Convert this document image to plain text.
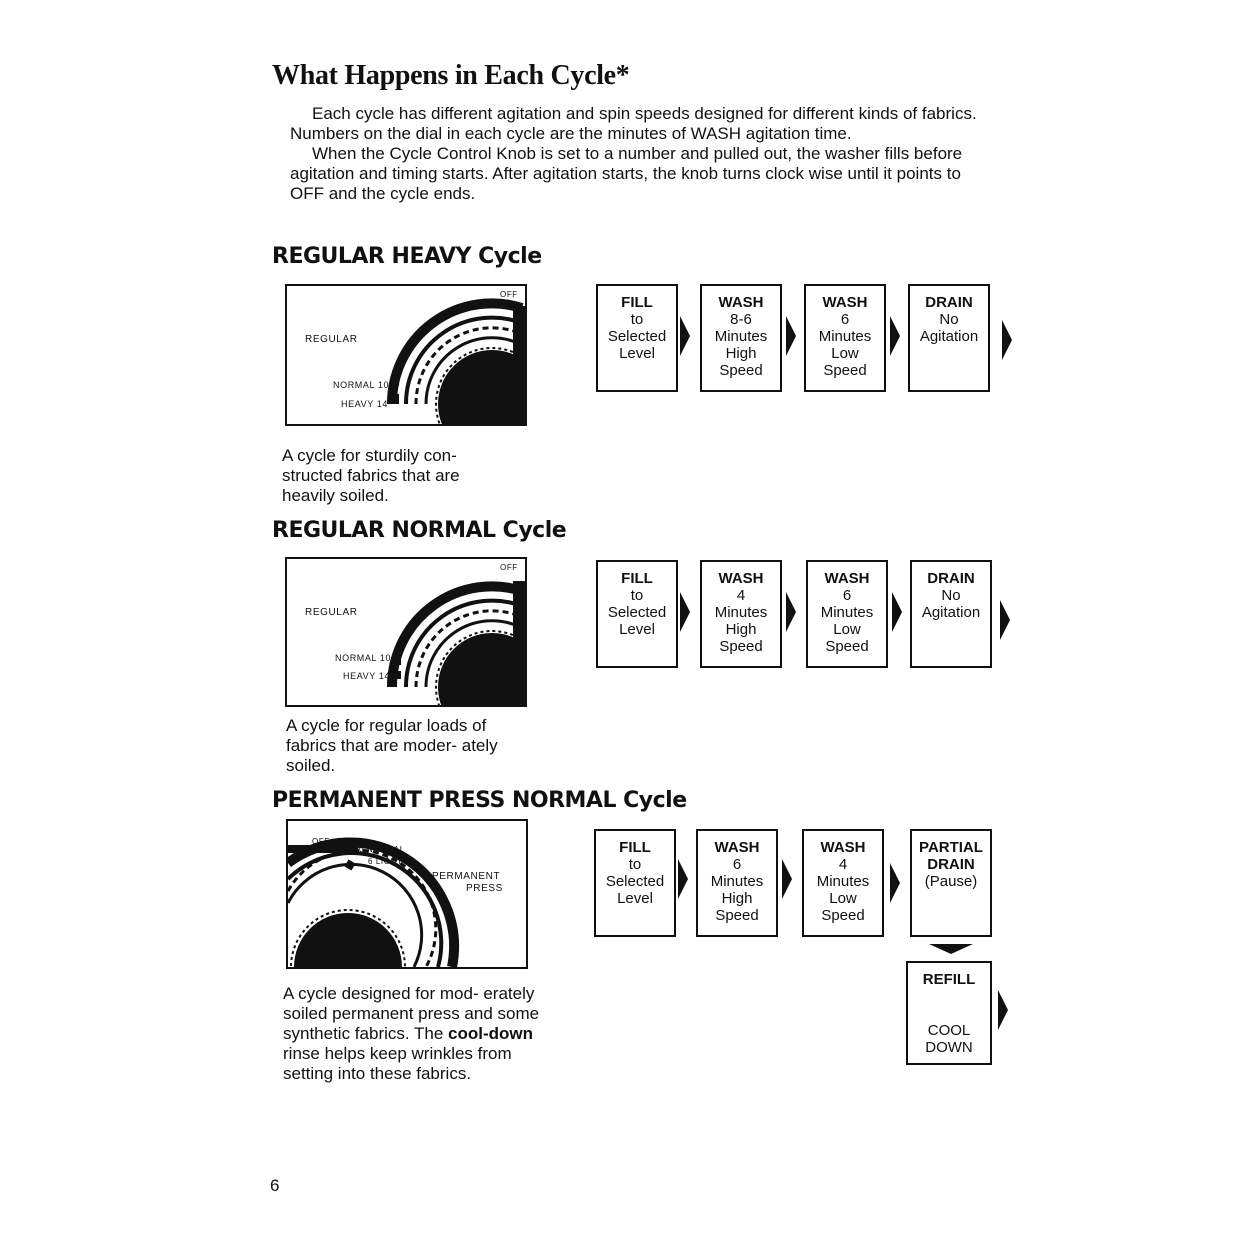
What Happens in Each Cycle*

Each cycle has different agitation and spin speeds designed for different kinds of fabrics. Numbers on the dial in each cycle are the minutes of WASH agitation time.

When the Cycle Control Knob is set to a number and pulled out, the washer fills before agitation and timing starts. After agitation starts, the knob turns clock wise until it points to OFF and the cycle ends.

REGULAR HEAVY Cycle
OFF
REGULAR
NORMAL 10
HEAVY 14

A cycle for sturdily con- structed fabrics that are heavily soiled.

FILL
to
Selected
Level
WASH
8-6
Minutes
High
Speed
WASH
6
Minutes
Low
Speed
DRAIN
No
Agitation
REGULAR NORMAL Cycle
OFF
REGULAR
NORMAL 10
HEAVY 14

A cycle for regular loads of fabrics that are moder- ately soiled.

FILL
to
Selected
Level
WASH
4
Minutes
High
Speed
WASH
6
Minutes
Low
Speed
DRAIN
No
Agitation
PERMANENT PRESS NORMAL Cycle
OFF
10 NORMAL
6 LIGHT
PERMANENT
PRESS

A cycle designed for mod- erately soiled permanent press and some synthetic fabrics. The cool-down rinse helps keep wrinkles from setting into these fabrics.

FILL
to
Selected
Level
WASH
6
Minutes
High
Speed
WASH
4
Minutes
Low
Speed
PARTIAL
DRAIN
(Pause)
REFILL
COOL
DOWN
6
